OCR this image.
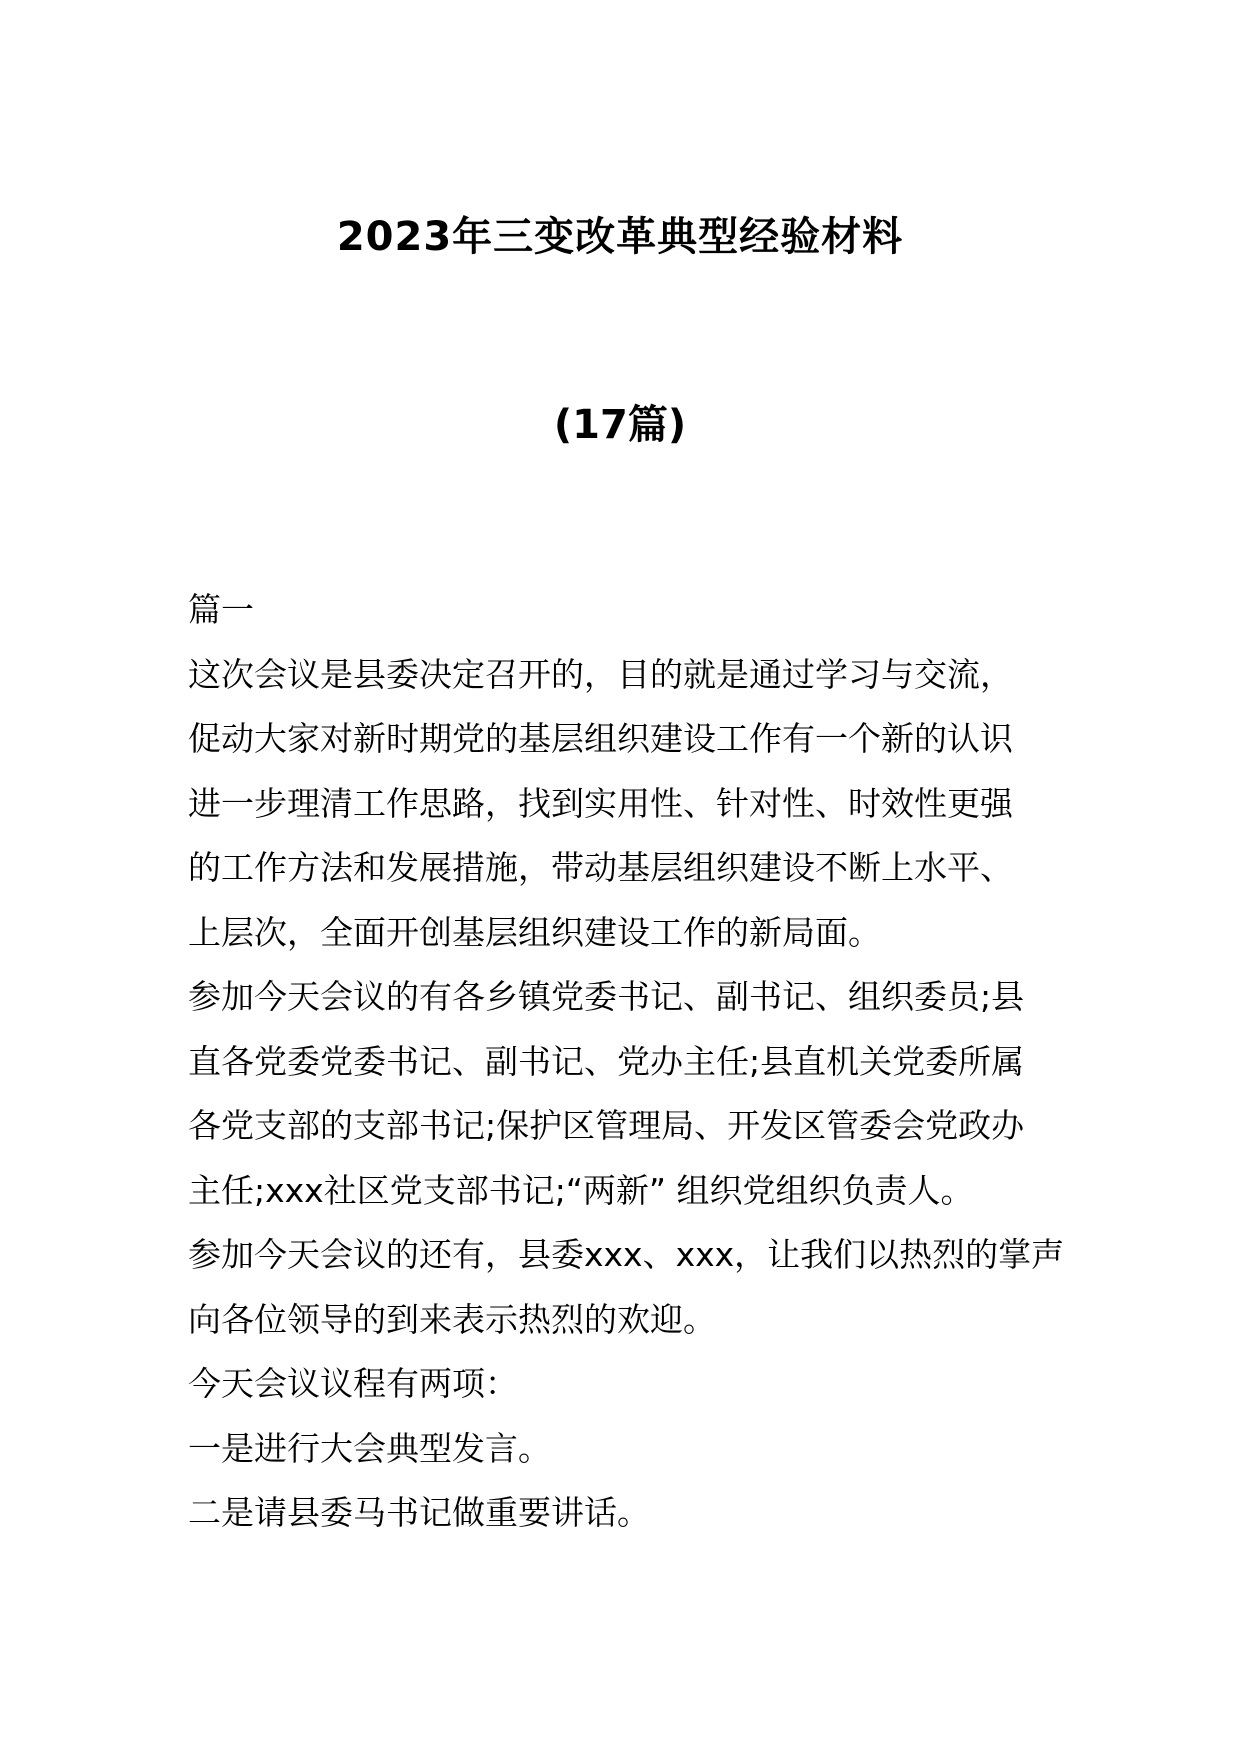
2023年三变改革典型经验材料
(17篇)
篇一
这次会议是县委决定召开的，目的就是通过学习与交流，
促动大家对新时期党的基层组织建设工作有一个新的认识
进一步理清工作思路，找到实用性、针对性、时效性更强
的工作方法和发展措施，带动基层组织建设不断上水平、
上层次，全面开创基层组织建设工作的新局面。
参加今天会议的有各乡镇党委书记、副书记、组织委员;县
直各党委党委书记、副书记、党办主任;县直机关党委所属
各党支部的支部书记;保护区管理局、开发区管委会党政办
主任;xxx社区党支部书记;“两新” 组织党组织负责人。
参加今天会议的还有，县委xxx、xxx，让我们以热烈的掌声
向各位领导的到来表示热烈的欢迎。
今天会议议程有两项：
一是进行大会典型发言。
二是请县委马书记做重要讲话。
